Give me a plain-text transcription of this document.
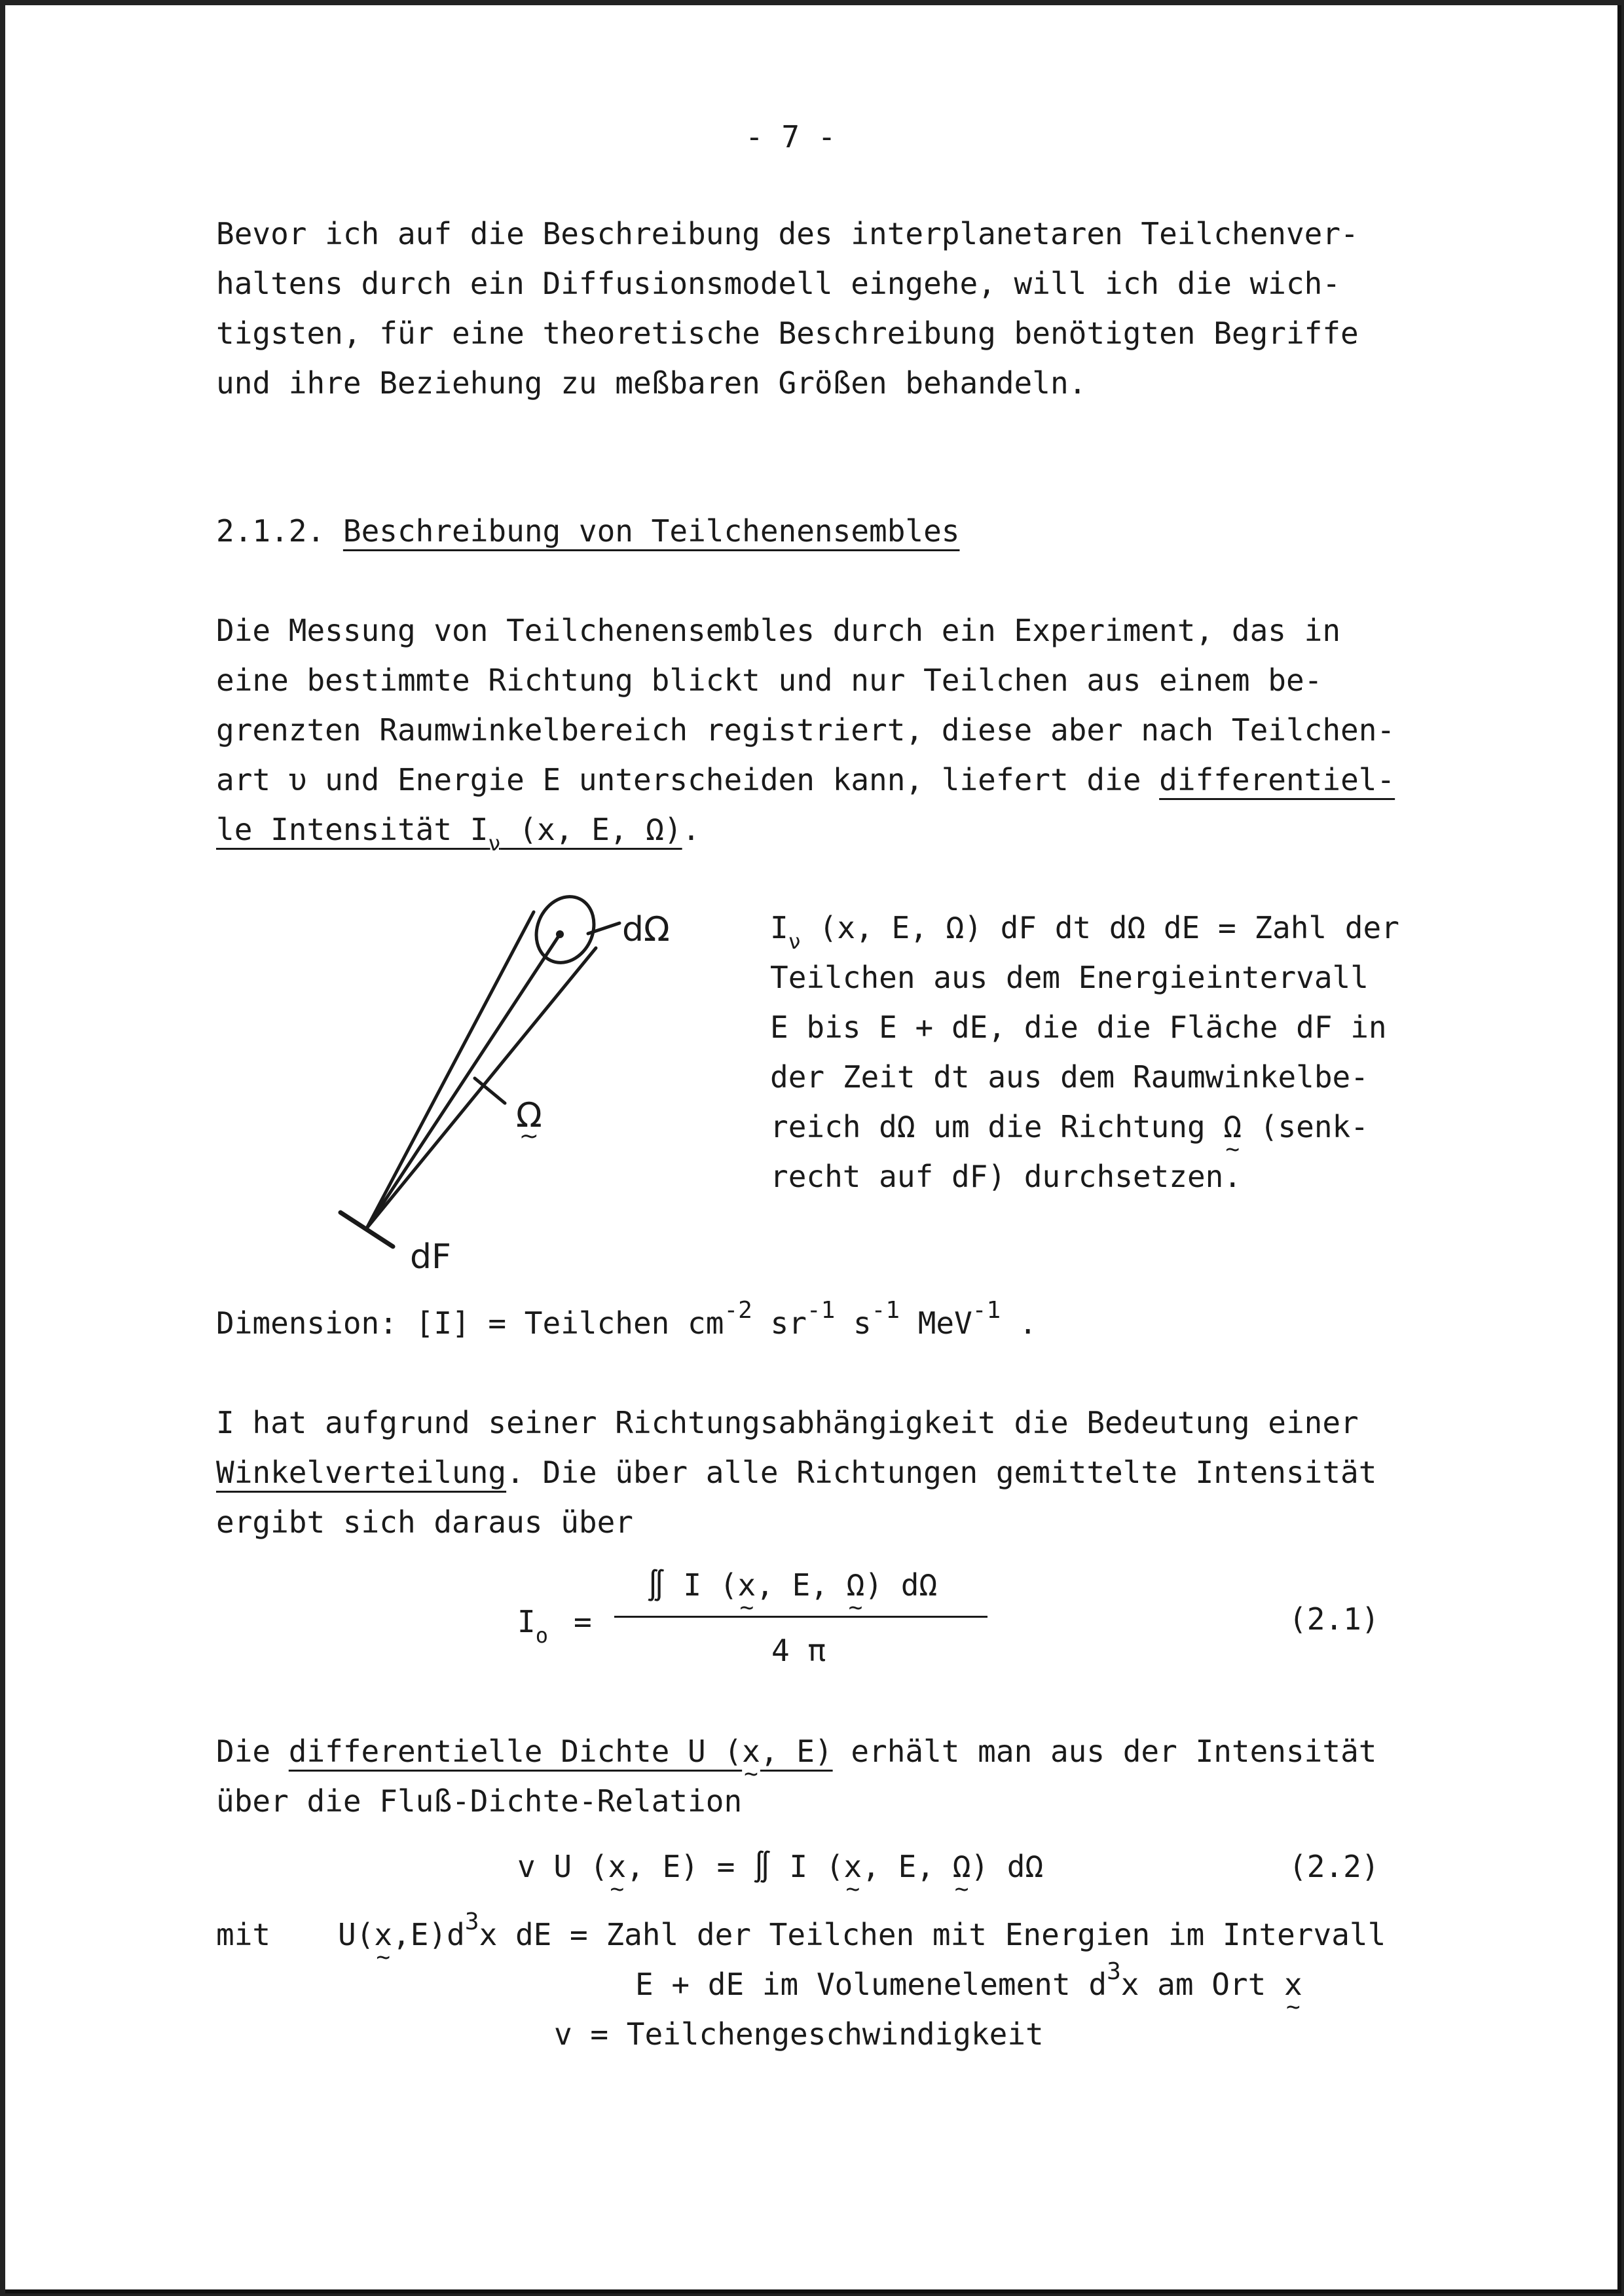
- 7 -
Bevor ich auf die Beschreibung des interplanetaren Teilchenver-
haltens durch ein Diffusionsmodell eingehe, will ich die wich-
tigsten, für eine theoretische Beschreibung benötigten Begriffe
und ihre Beziehung zu meßbaren Größen behandeln.
2.1.2. Beschreibung von Teilchenensembles
Die Messung von Teilchenensembles durch ein Experiment, das in
eine bestimmte Richtung blickt und nur Teilchen aus einem be-
grenzten Raumwinkelbereich registriert, diese aber nach Teilchen-
art υ und Energie E unterscheiden kann, liefert die differentiel-
le Intensität $I_\nu$ (x, E, Ω).
dΩ
Ω ~
dF
$I_\nu$ (x, E, Ω) dF dt dΩ dE = Zahl der
Teilchen aus dem Energieintervall
E bis E + dE, die die Fläche dF in
der Zeit dt aus dem Raumwinkelbe-
reich dΩ um die Richtung Ω ~ (senk-
recht auf dF) durchsetzen.
Dimension: [I] = Teilchen $cm^{-2}$ $sr^{-1}$ $s^{-1}$ MeV$^{-1}$ .
I hat aufgrund seiner Richtungsabhängigkeit die Bedeutung einer
Winkelverteilung. Die über alle Richtungen gemittelte Intensität
ergibt sich daraus über
$I_o$ =
∬ I (x ~, E, Ω ~) dΩ
4 π
(2.1)
Die differentielle Dichte U (x ~, E) erhält man aus der Intensität
über die Fluß-Dichte-Relation
v U (x ~, E) = ∬ I (x ~, E, Ω ~) dΩ	(2.2)
mit U(x $\sim,E)d^3x$ dE = Zahl der Teilchen mit Energien im Intervall
E + dE im Volumenelement $d^3x$ am Ort x ~
v = Teilchengeschwindigkeit
